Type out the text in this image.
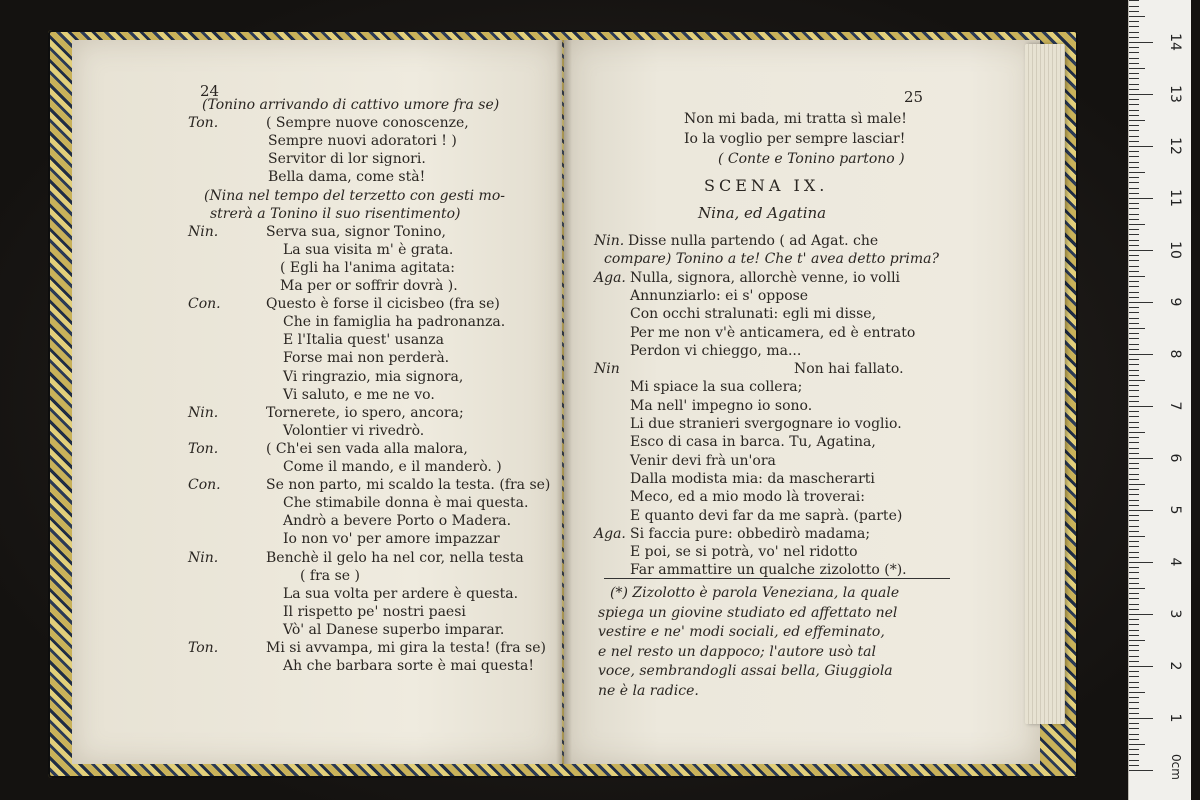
24
(Tonino arrivando di cattivo umore fra se)
Ton.	( Sempre nuove conoscenze,
Sempre nuovi adoratori ! )
Servitor di lor signori.
Bella dama, come stà!
(Nina nel tempo del terzetto con gesti mo-
strerà a Tonino il suo risentimento)
Nin.	Serva sua, signor Tonino,
La sua visita m' è grata.
( Egli ha l'anima agitata:
Ma per or soffrir dovrà ).
Con.	Questo è forse il cicisbeo (fra se)
Che in famiglia ha padronanza.
E l'Italia quest' usanza
Forse mai non perderà.
Vi ringrazio, mia signora,
Vi saluto, e me ne vo.
Nin.	Tornerete, io spero, ancora;
Volontier vi rivedrò.
Ton.	( Ch'ei sen vada alla malora,
Come il mando, e il manderò. )
Con.	Se non parto, mi scaldo la testa. (fra se)
Che stimabile donna è mai questa.
Andrò a bevere Porto o Madera.
Io non vo' per amore impazzar
Nin.	Benchè il gelo ha nel cor, nella testa
( fra se )
La sua volta per ardere è questa.
Il rispetto pe' nostri paesi
Vò' al Danese superbo imparar.
Ton.	Mi si avvampa, mi gira la testa! (fra se)
Ah che barbara sorte è mai questa!
25
Non mi bada, mi tratta sì male!
Io la voglio per sempre lasciar!
( Conte e Tonino partono )
SCENA IX.
Nina, ed Agatina
Nin. Disse nulla partendo ( ad Agat. che
compare) Tonino a te! Che t' avea detto prima?
Aga. Nulla, signora, allorchè venne, io volli
Annunziarlo: ei s' oppose
Con occhi stralunati: egli mi disse,
Per me non v'è anticamera, ed è entrato
Perdon vi chieggo, ma...
Nin	Non hai fallato.
Mi spiace la sua collera;
Ma nell' impegno io sono.
Li due stranieri svergognare io voglio.
Esco di casa in barca. Tu, Agatina,
Venir devi frà un'ora
Dalla modista mia: da mascherarti
Meco, ed a mio modo là troverai:
E quanto devi far da me saprà. (parte)
Aga. Si faccia pure: obbedirò madama;
E poi, se si potrà, vo' nel ridotto
Far ammattire un qualche zizolotto (*).
(*) Zizolotto è parola Veneziana, la quale
spiega un giovine studiato ed affettato nel
vestire e ne' modi sociali, ed effeminato,
e nel resto un dappoco; l'autore usò tal
voce, sembrandogli assai bella, Giuggiola
ne è la radice.
0cm
1
2
3
4
5
6
7
8
9
10
11
12
13
14
